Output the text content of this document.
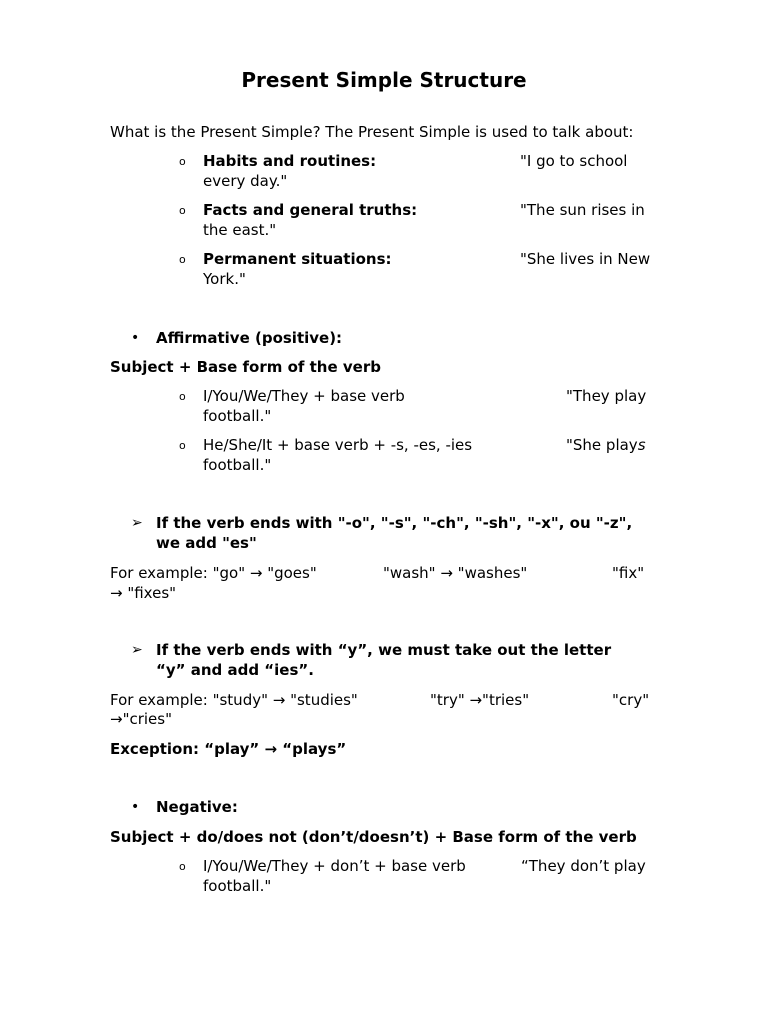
Present Simple Structure
What is the Present Simple? The Present Simple is used to talk about:
o Habits and routines:	"I go to school
every day."
o Facts and general truths:	"The sun rises in
the east."
o Permanent situations:	"She lives in New
York."
• Affirmative (positive):
Subject + Base form of the verb
o I/You/We/They + base verb	"They play
football."
o He/She/It + base verb + -s, -es, -ies	"She plays
football."
➢ If the verb ends with "-o", "-s", "-ch", "-sh", "-x", ou "-z",
we add "es"
For example: "go" → "goes"	"wash" → "washes"	"fix"
→ "fixes"
➢ If the verb ends with “y”, we must take out the letter
“y” and add “ies”.
For example: "study" → "studies"	"try" →"tries"	"cry"
→"cries"
Exception: “play” → “plays”
• Negative:
Subject + do/does not (don’t/doesn’t) + Base form of the verb
o I/You/We/They + don’t + base verb	“They don’t play
football."
